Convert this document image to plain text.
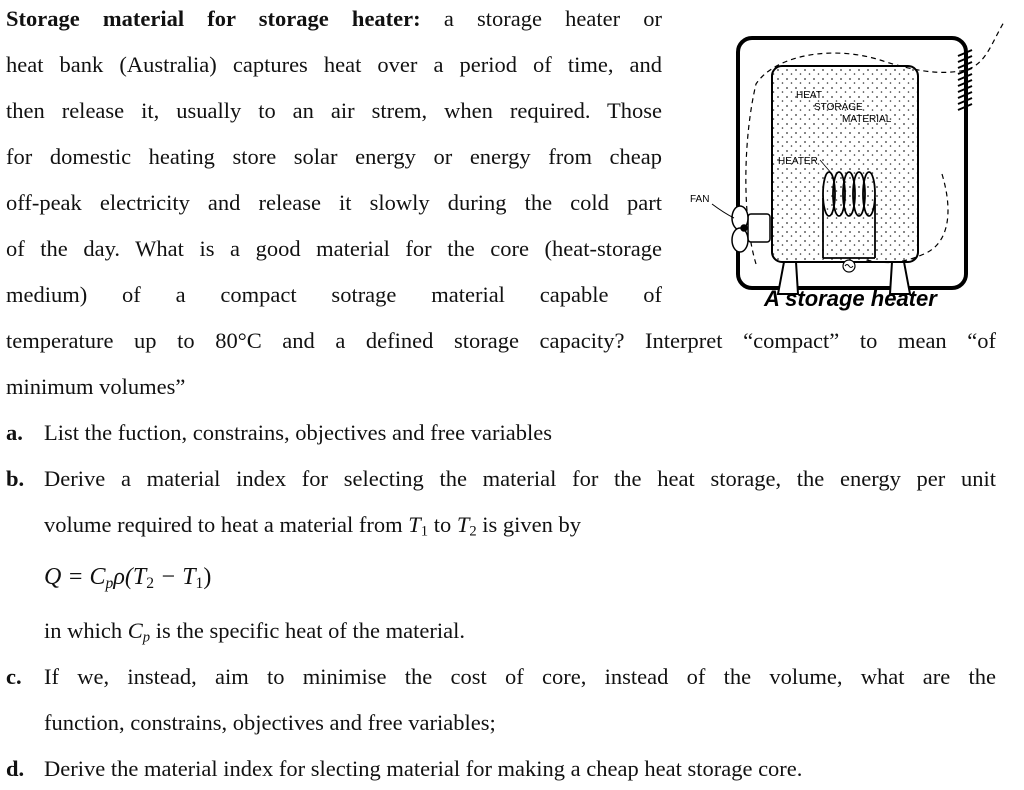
Storage material for storage heater: a storage heater or
heat bank (Australia) captures heat over a period of time, and
then release it, usually to an air strem, when required. Those
for domestic heating store solar energy or energy from cheap
off-peak electricity and release it slowly during the cold part
of the day. What is a good material for the core (heat-storage
medium) of a compact sotrage material capable of
temperature up to 80°C and a defined storage capacity? Interpret “compact” to mean “of
minimum volumes”
HEAT
STORAGE
MATERIAL
HEATER
FAN
A storage heater
a. List the fuction, constrains, objectives and free variables
b. Derive a material index for selecting the material for the heat storage, the energy per unit
volume required to heat a material from $T_1$ to $T_2$ is given by
$Q = C_p\rho(T_2 - T_1)$
in which $C_p$ is the specific heat of the material.
c. If we, instead, aim to minimise the cost of core, instead of the volume, what are the
function, constrains, objectives and free variables;
d. Derive the material index for slecting material for making a cheap heat storage core.
